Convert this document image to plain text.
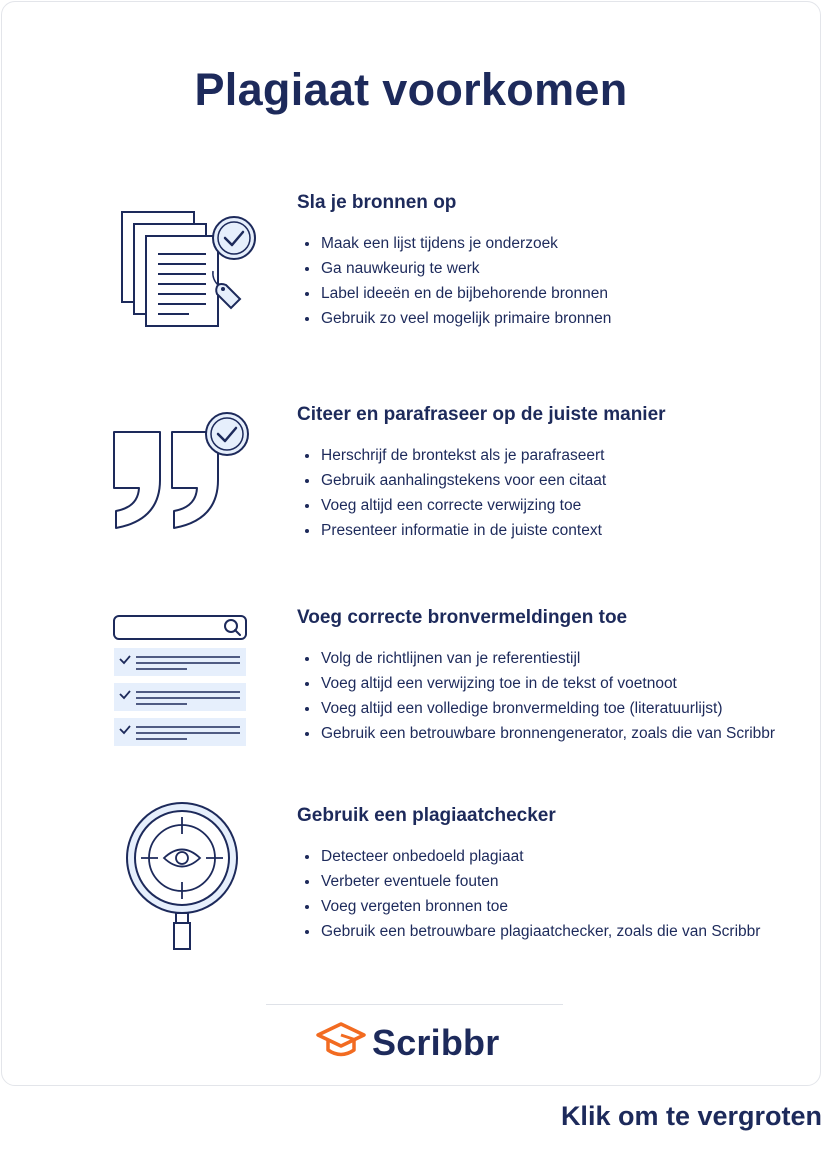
Plagiaat voorkomen
Sla je bronnen op
Maak een lijst tijdens je onderzoek
Ga nauwkeurig te werk
Label ideeën en de bijbehorende bronnen
Gebruik zo veel mogelijk primaire bronnen
Citeer en parafraseer op de juiste manier
Herschrijf de brontekst als je parafraseert
Gebruik aanhalingstekens voor een citaat
Voeg altijd een correcte verwijzing toe
Presenteer informatie in de juiste context
Voeg correcte bronvermeldingen toe
Volg de richtlijnen van je referentiestijl
Voeg altijd een verwijzing toe in de tekst of voetnoot
Voeg altijd een volledige bronvermelding toe (literatuurlijst)
Gebruik een betrouwbare bronnengenerator, zoals die van Scribbr
Gebruik een plagiaatchecker
Detecteer onbedoeld plagiaat
Verbeter eventuele fouten
Voeg vergeten bronnen toe
Gebruik een betrouwbare plagiaatchecker, zoals die van Scribbr
Scribbr
Klik om te vergroten
